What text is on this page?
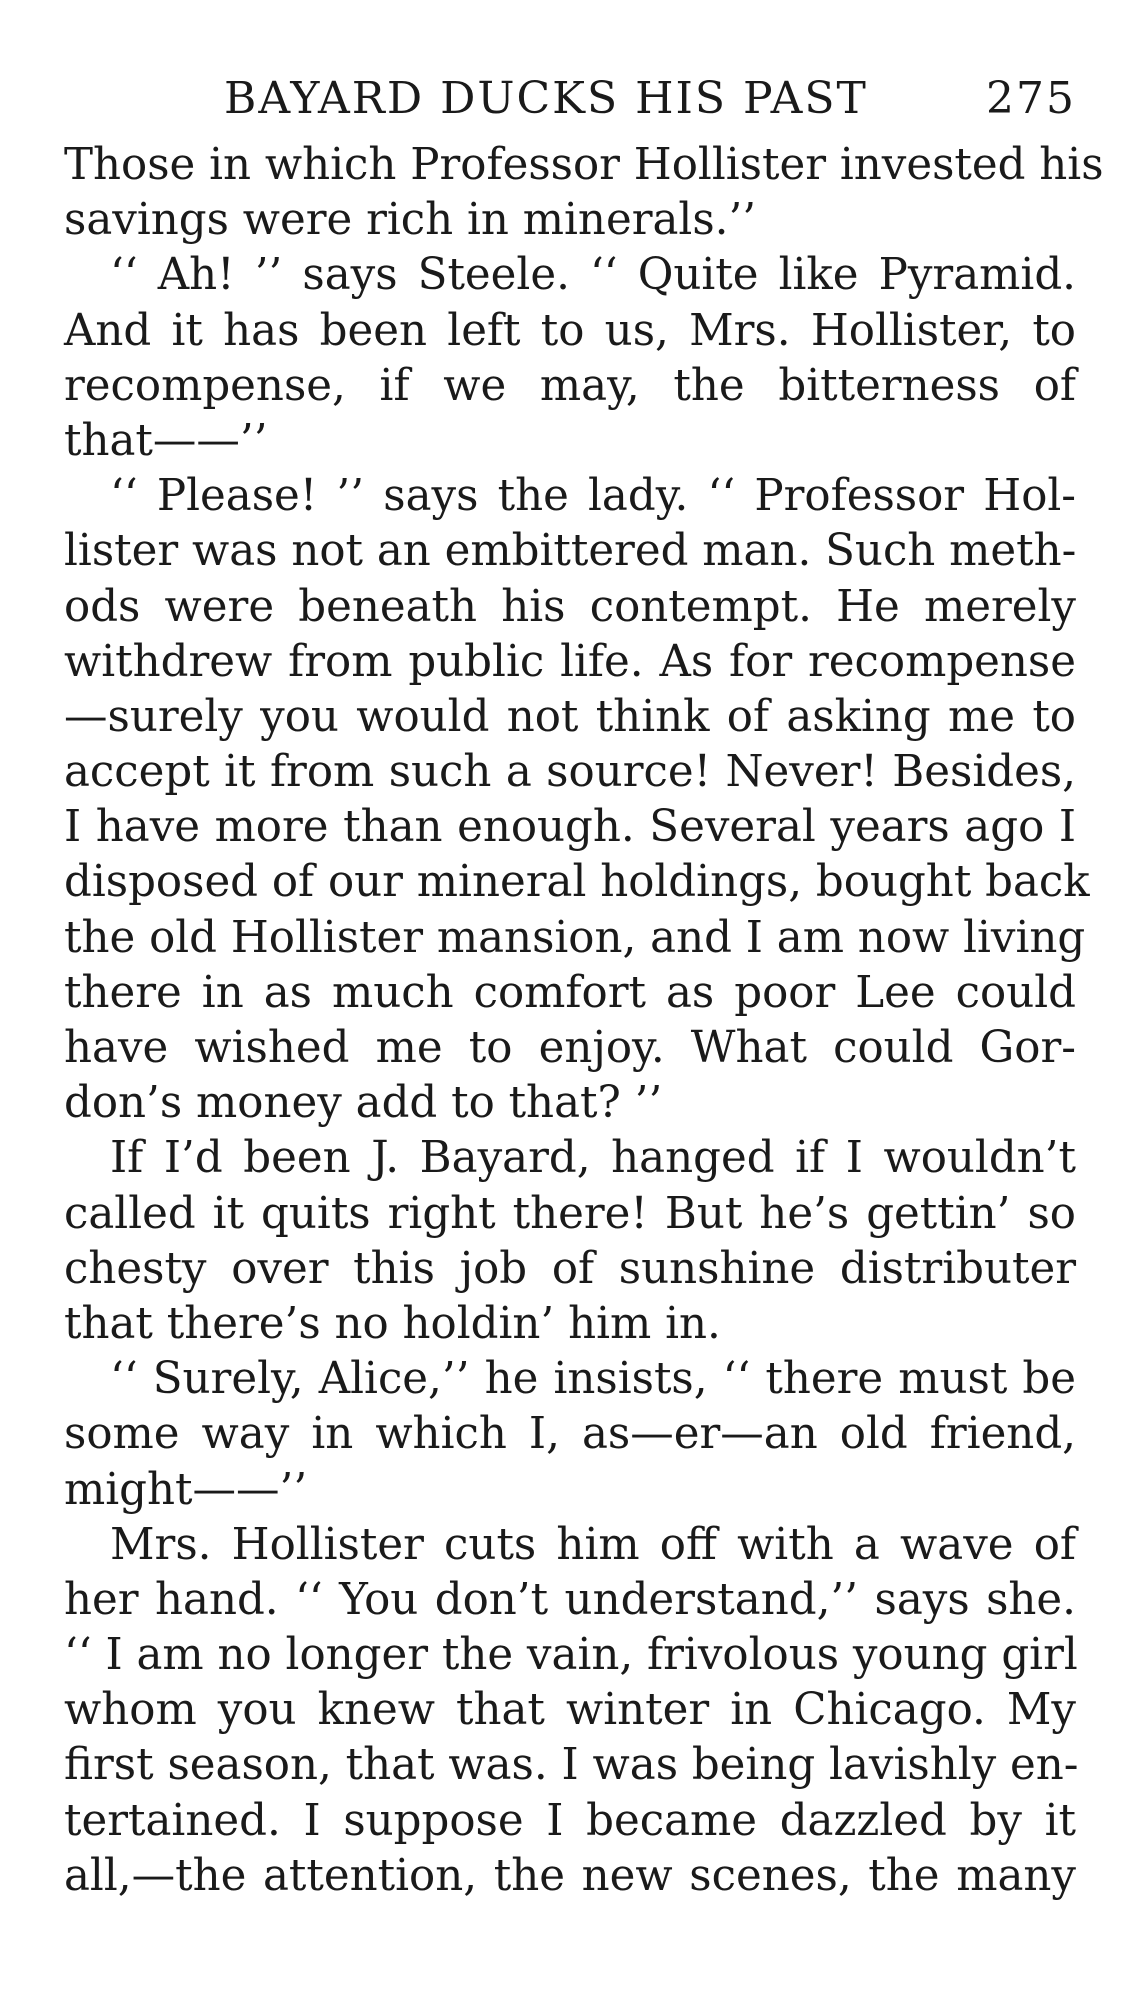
BAYARD DUCKS HIS PAST	275
Those in which Professor Hollister invested his
savings were rich in minerals.’’
‘‘ Ah! ’’ says Steele. ‘‘ Quite like Pyramid.
And it has been left to us, Mrs. Hollister, to
recompense, if we may, the bitterness of
that——’’
‘‘ Please! ’’ says the lady. ‘‘ Professor Hol-
lister was not an embittered man. Such meth-
ods were beneath his contempt. He merely
withdrew from public life. As for recompense
—surely you would not think of asking me to
accept it from such a source! Never! Besides,
I have more than enough. Several years ago I
disposed of our mineral holdings, bought back
the old Hollister mansion, and I am now living
there in as much comfort as poor Lee could
have wished me to enjoy. What could Gor-
don’s money add to that? ’’
If I’d been J. Bayard, hanged if I wouldn’t
called it quits right there! But he’s gettin’ so
chesty over this job of sunshine distributer
that there’s no holdin’ him in.
‘‘ Surely, Alice,’’ he insists, ‘‘ there must be
some way in which I, as—er—an old friend,
might——’’
Mrs. Hollister cuts him off with a wave of
her hand. ‘‘ You don’t understand,’’ says she.
‘‘ I am no longer the vain, frivolous young girl
whom you knew that winter in Chicago. My
first season, that was. I was being lavishly en-
tertained. I suppose I became dazzled by it
all,—the attention, the new scenes, the many
